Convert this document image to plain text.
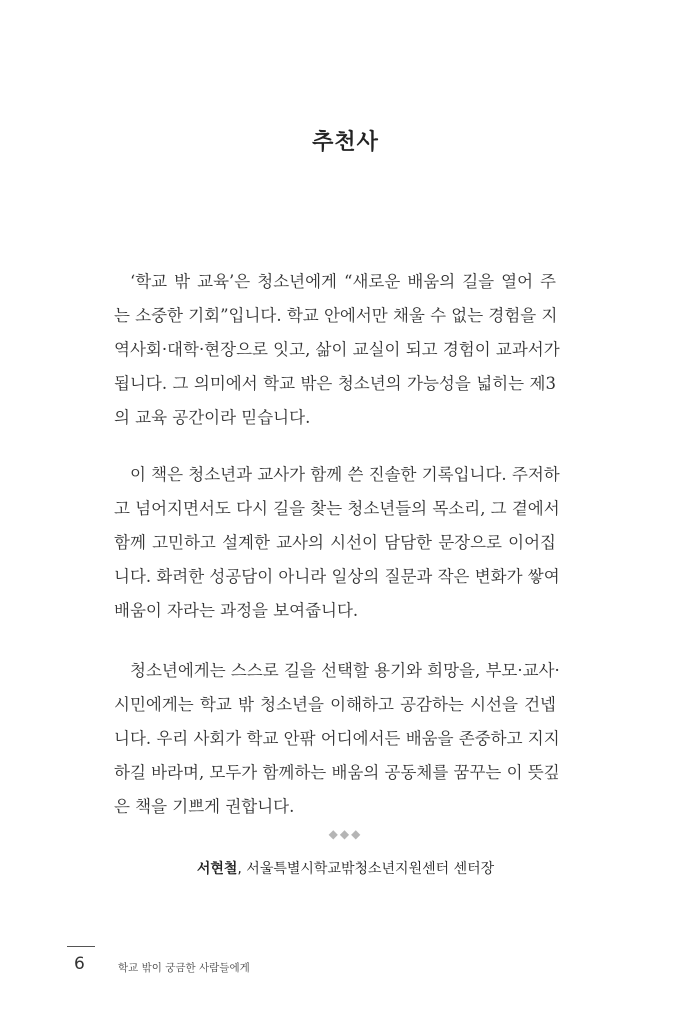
추천사
‘학교 밖 교육’은 청소년에게 “새로운 배움의 길을 열어 주
는 소중한 기회”입니다. 학교 안에서만 채울 수 없는 경험을 지
역사회·대학·현장으로 잇고, 삶이 교실이 되고 경험이 교과서가
됩니다. 그 의미에서 학교 밖은 청소년의 가능성을 넓히는 제3
의 교육 공간이라 믿습니다.
이 책은 청소년과 교사가 함께 쓴 진솔한 기록입니다. 주저하
고 넘어지면서도 다시 길을 찾는 청소년들의 목소리, 그 곁에서
함께 고민하고 설계한 교사의 시선이 담담한 문장으로 이어집
니다. 화려한 성공담이 아니라 일상의 질문과 작은 변화가 쌓여
배움이 자라는 과정을 보여줍니다.
청소년에게는 스스로 길을 선택할 용기와 희망을, 부모·교사·
시민에게는 학교 밖 청소년을 이해하고 공감하는 시선을 건넵
니다. 우리 사회가 학교 안팎 어디에서든 배움을 존중하고 지지
하길 바라며, 모두가 함께하는 배움의 공동체를 꿈꾸는 이 뜻깊
은 책을 기쁘게 권합니다.
◆◆◆
서현철, 서울특별시학교밖청소년지원센터 센터장
6	학교 밖이 궁금한 사람들에게
